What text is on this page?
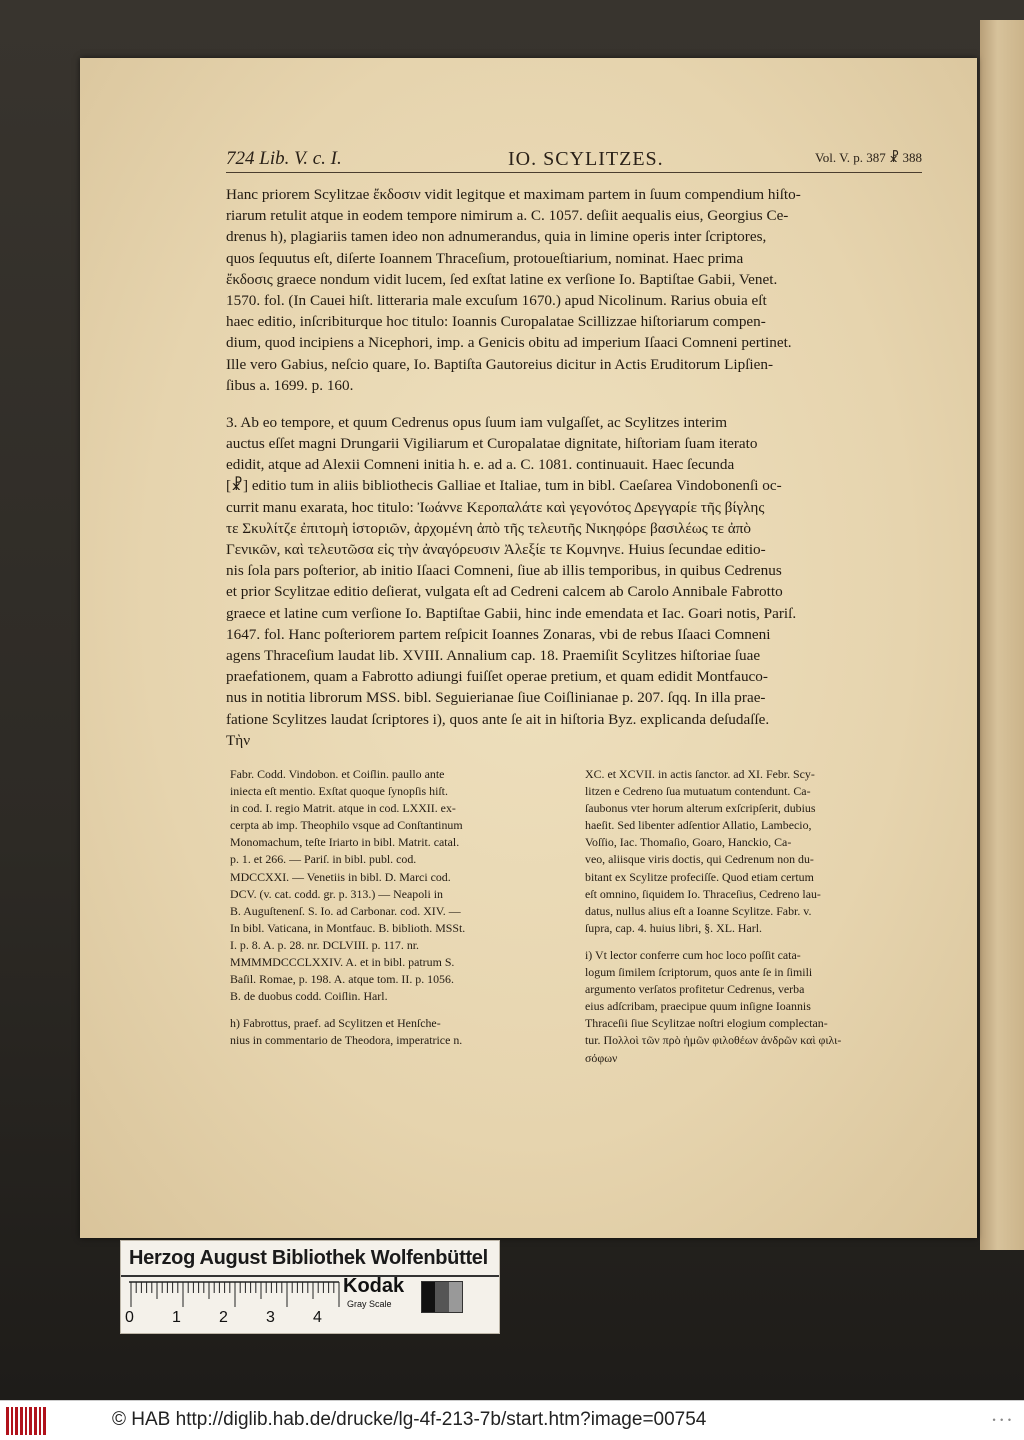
724 Lib. V. c. I.	IO. SCYLITZES.	Vol. V. p. 387 ☧ 388
Hanc priorem Scylitzae ἔκδοσιν vidit legitque et maximam partem in ſuum compendium hiſto-
riarum retulit atque in eodem tempore nimirum a. C. 1057. deſiit aequalis eius, Georgius Ce-
drenus h), plagiariis tamen ideo non adnumerandus, quia in limine operis inter ſcriptores,
quos ſequutus eſt, diſerte Ioannem Thraceſium, protoueſtiarium, nominat. Haec prima
ἔκδοσις graece nondum vidit lucem, ſed exſtat latine ex verſione Io. Baptiſtae Gabii, Venet.
1570. fol. (In Cauei hiſt. litteraria male excuſum 1670.) apud Nicolinum. Rarius obuia eſt
haec editio, inſcribiturque hoc titulo: Ioannis Curopalatae Scillizzae hiſtoriarum compen-
dium, quod incipiens a Nicephori, imp. a Genicis obitu ad imperium Iſaaci Comneni pertinet.
Ille vero Gabius, neſcio quare, Io. Baptiſta Gautoreius dicitur in Actis Eruditorum Lipſien-
ſibus a. 1699. p. 160.
3. Ab eo tempore, et quum Cedrenus opus ſuum iam vulgaſſet, ac Scylitzes interim
auctus eſſet magni Drungarii Vigiliarum et Curopalatae dignitate, hiſtoriam ſuam iterato
edidit, atque ad Alexii Comneni initia h. e. ad a. C. 1081. continuauit. Haec ſecunda
[☧] editio tum in aliis bibliothecis Galliae et Italiae, tum in bibl. Caeſarea Vindobonenſi oc-
currit manu exarata, hoc titulo: Ἰωάννε Κερoπαλάτε καὶ γεγονότος Δρεγγαρίε τῆς βίγλης
τε Σκυλίτζε ἐπιτομὴ ἱστοριῶν, ἀρχομένη ἀπὸ τῆς τελευτῆς Νικηφόρε βασιλέως τε ἀπὸ
Γενικῶν, καὶ τελευτῶσα εἰς τὴν ἀναγόρευσιν Ἀλεξίε τε Κομνηνε. Huius ſecundae editio-
nis ſola pars poſterior, ab initio Iſaaci Comneni, ſiue ab illis temporibus, in quibus Cedrenus
et prior Scylitzae editio deſierat, vulgata eſt ad Cedreni calcem ab Carolo Annibale Fabrotto
graece et latine cum verſione Io. Baptiſtae Gabii, hinc inde emendata et Iac. Goari notis, Pariſ.
1647. fol. Hanc poſteriorem partem reſpicit Ioannes Zonaras, vbi de rebus Iſaaci Comneni
agens Thraceſium laudat lib. XVIII. Annalium cap. 18. Praemiſit Scylitzes hiſtoriae ſuae
praefationem, quam a Fabrotto adiungi fuiſſet operae pretium, et quam edidit Montfauco-
nus in notitia librorum MSS. bibl. Seguierianae ſiue Coiſlinianae p. 207. ſqq. In illa prae-
fatione Scylitzes laudat ſcriptores i), quos ante ſe ait in hiſtoria Byz. explicanda deſudaſſe.
Τὴν
Fabr. Codd. Vindobon. et Coiſlin. paullo ante
iniecta eſt mentio. Exſtat quoque ſynopſis hiſt.
in cod. I. regio Matrit. atque in cod. LXXII. ex-
cerpta ab imp. Theophilo vsque ad Conſtantinum
Monomachum, teſte Iriarto in bibl. Matrit. catal.
p. 1. et 266. — Pariſ. in bibl. publ. cod.
MDCCXXI. — Venetiis in bibl. D. Marci cod.
DCV. (v. cat. codd. gr. p. 313.) — Neapoli in
B. Auguſtenenſ. S. Io. ad Carbonar. cod. XIV. —
In bibl. Vaticana, in Montfauc. B. biblioth. MSSt.
I. p. 8. A. p. 28. nr. DCLVIII. p. 117. nr.
MMMMDCCCLXXIV. A. et in bibl. patrum S.
Baſil. Romae, p. 198. A. atque tom. II. p. 1056.
B. de duobus codd. Coiſlin. Harl.
h) Fabrottus, praef. ad Scylitzen et Henſche-
nius in commentario de Theodora, imperatrice n.
XC. et XCVII. in actis ſanctor. ad XI. Febr. Scy-
litzen e Cedreno ſua mutuatum contendunt. Ca-
ſaubonus vter horum alterum exſcripſerit, dubius
haeſit. Sed libenter adſentior Allatio, Lambecio,
Voſſio, Iac. Thomaſio, Goaro, Hanckio, Ca-
veo, aliisque viris doctis, qui Cedrenum non du-
bitant ex Scylitze profeciſſe. Quod etiam certum
eſt omnino, ſiquidem Io. Thraceſius, Cedreno lau-
datus, nullus alius eſt a Ioanne Scylitze. Fabr. v.
ſupra, cap. 4. huius libri, §. XL. Harl.
i) Vt lector conferre cum hoc loco poſſit cata-
logum ſimilem ſcriptorum, quos ante ſe in ſimili
argumento verſatos profitetur Cedrenus, verba
eius adſcribam, praecipue quum inſigne Ioannis
Thraceſii ſiue Scylitzae noſtri elogium complectan-
tur. Πολλοὶ τῶν πρὸ ἡμῶν φιλοθέων ἀνδρῶν καὶ φιλι-
σόφων
Herzog August Bibliothek Wolfenbüttel
0 1 2 3 4
Kodak
Gray Scale
© HAB http://diglib.hab.de/drucke/lg-4f-213-7b/start.htm?image=00754	• • •
